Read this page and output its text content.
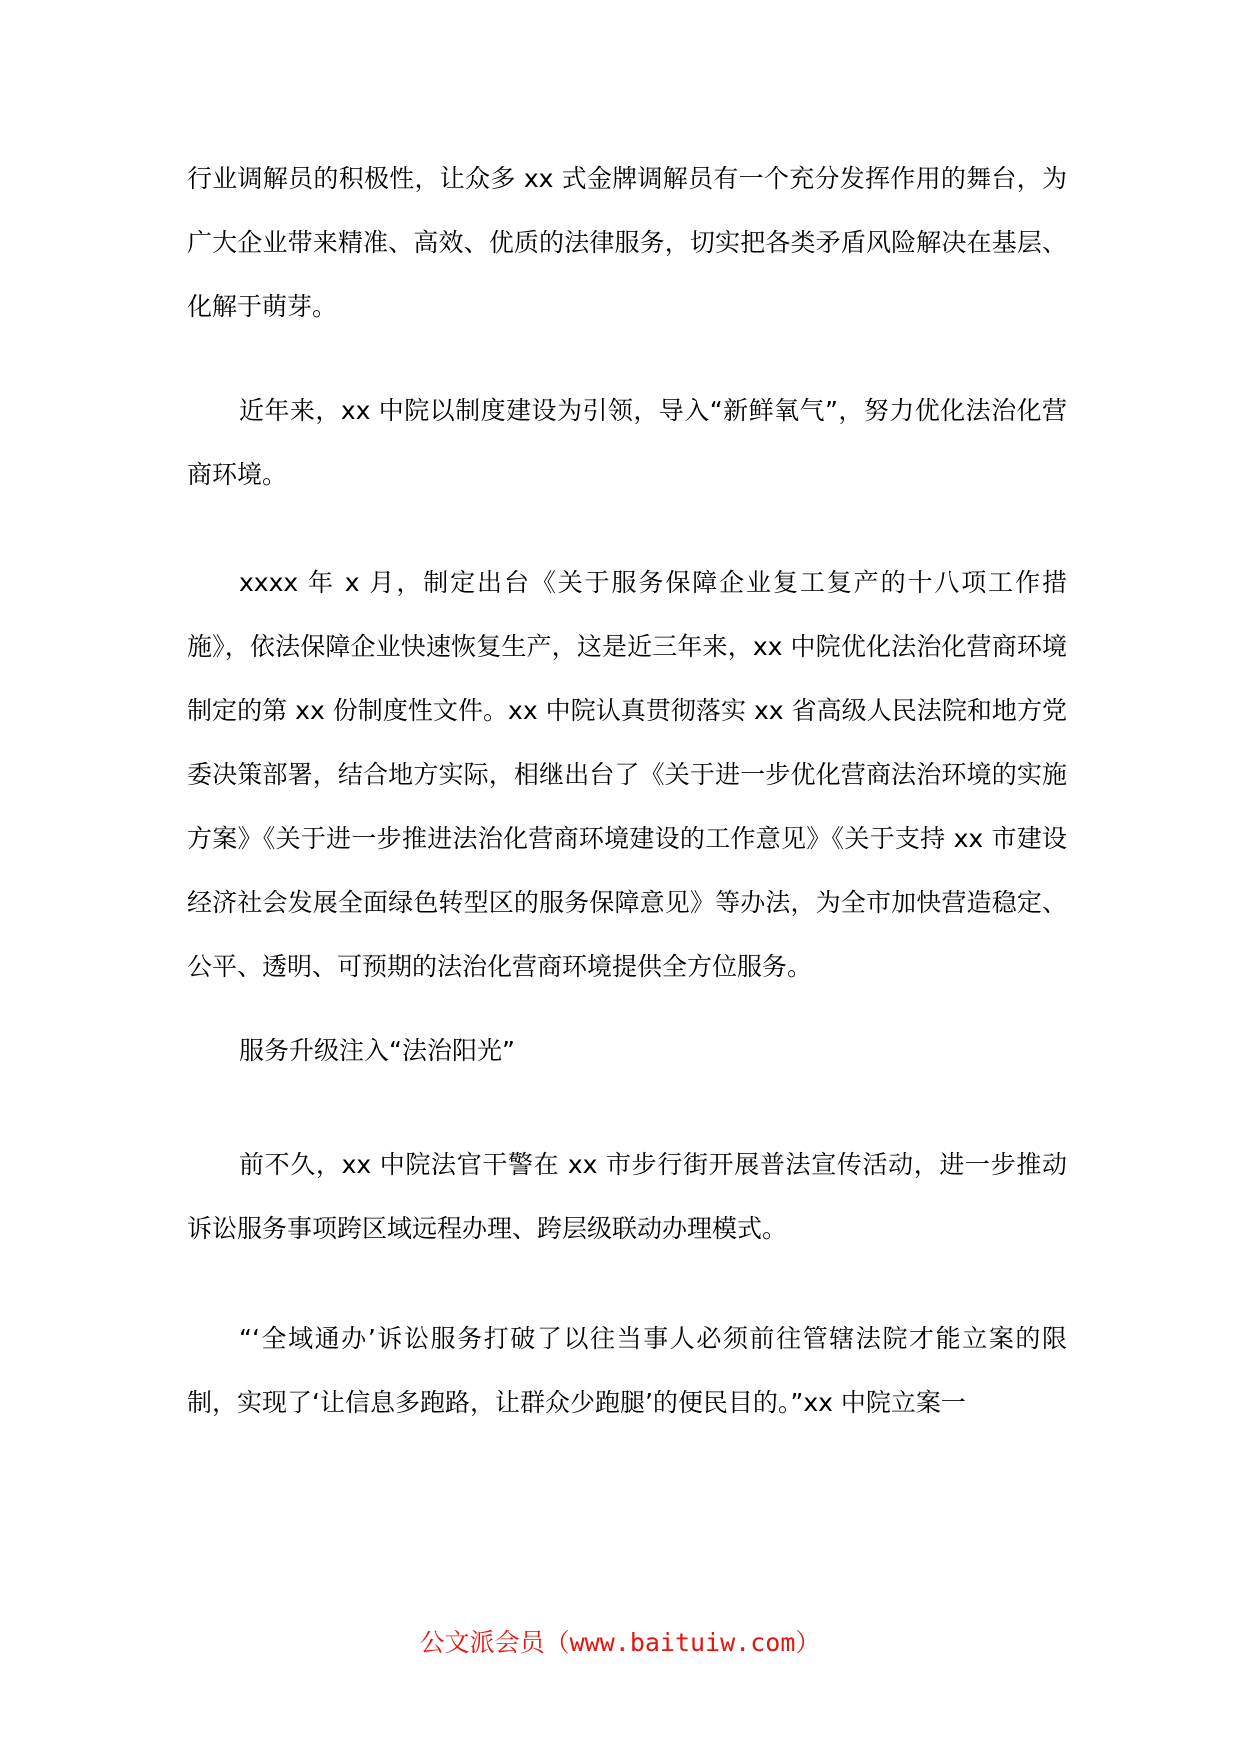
行业调解员的积极性，让众多 xx 式金牌调解员有一个充分发挥作用的舞台，为广大企业带来精准、高效、优质的法律服务，切实把各类矛盾风险解决在基层、化解于萌芽。

近年来，xx 中院以制度建设为引领，导入“新鲜氧气”，努力优化法治化营商环境。

xxxx 年 x 月，制定出台《关于服务保障企业复工复产的十八项工作措施》，依法保障企业快速恢复生产，这是近三年来，xx 中院优化法治化营商环境制定的第 xx 份制度性文件。xx 中院认真贯彻落实 xx 省高级人民法院和地方党委决策部署，结合地方实际，相继出台了《关于进一步优化营商法治环境的实施方案》《关于进一步推进法治化营商环境建设的工作意见》《关于支持 xx 市建设经济社会发展全面绿色转型区的服务保障意见》等办法，为全市加快营造稳定、公平、透明、可预期的法治化营商环境提供全方位服务。

服务升级注入“法治阳光”

前不久，xx 中院法官干警在 xx 市步行街开展普法宣传活动，进一步推动诉讼服务事项跨区域远程办理、跨层级联动办理模式。

“‘全域通办’诉讼服务打破了以往当事人必须前往管辖法院才能立案的限制，实现了‘让信息多跑路，让群众少跑腿’的便民目的。”xx 中院立案一

公文派会员（www.baituiw.com）
